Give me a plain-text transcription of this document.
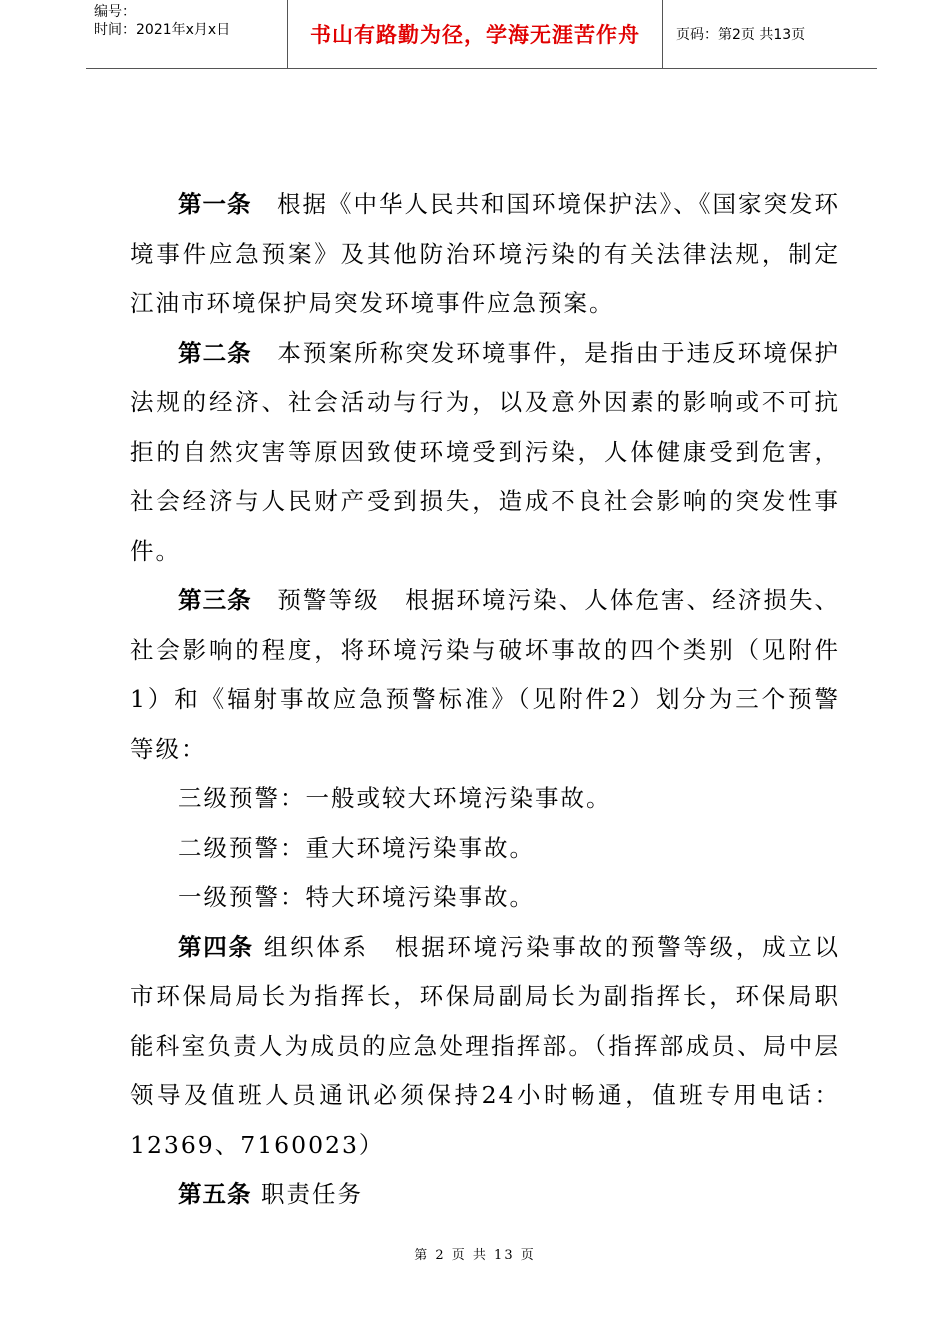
编号：
时间：2021年x月x日	书山有路勤为径，学海无涯苦作舟	页码：第2页 共13页

第一条　 根据《中华人民共和国环境保护法》、《国家突发环境事件应急预案》及其他防治环境污染的有关法律法规，制定江油市环境保护局突发环境事件应急预案。

第二条　 本预案所称突发环境事件，是指由于违反环境保护法规的经济、社会活动与行为，以及意外因素的影响或不可抗拒的自然灾害等原因致使环境受到污染，人体健康受到危害，社会经济与人民财产受到损失，造成不良社会影响的突发性事件。

第三条　 预警等级　根据环境污染、人体危害、经济损失、社会影响的程度，将环境污染与破坏事故的四个类别（见附件1）和《辐射事故应急预警标准》（见附件2）划分为三个预警等级：

三级预警：一般或较大环境污染事故。

二级预警：重大环境污染事故。

一级预警：特大环境污染事故。

第四条 组织体系　根据环境污染事故的预警等级，成立以市环保局局长为指挥长，环保局副局长为副指挥长，环保局职能科室负责人为成员的应急处理指挥部。（指挥部成员、局中层领导及值班人员通讯必须保持24小时畅通，值班专用电话：12369、7160023）

第五条 职责任务

第 2 页 共 13 页
